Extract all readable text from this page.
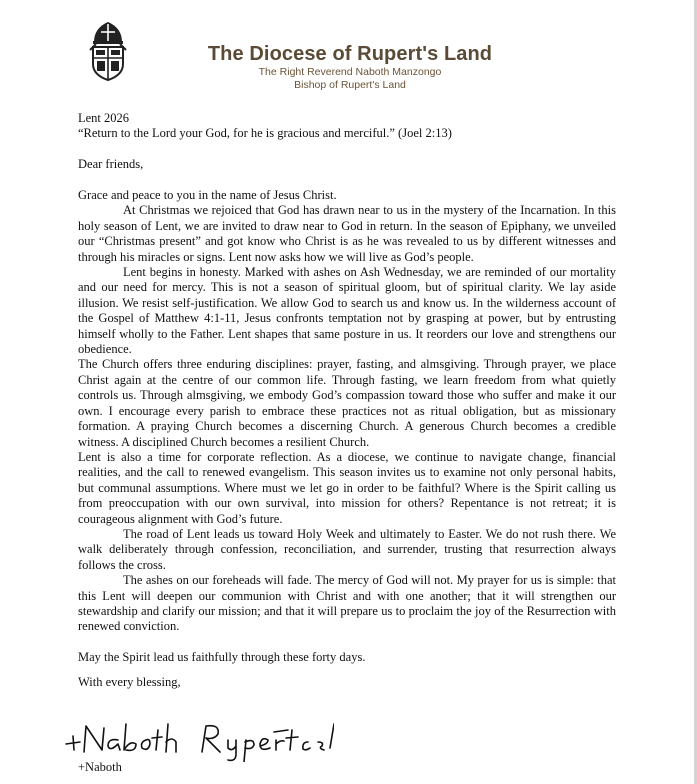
The Diocese of Rupert's Land
The Right Reverend Naboth Manzongo
Bishop of Rupert's Land

Lent 2026

“Return to the Lord your God, for he is gracious and merciful.” (Joel 2:13)

Dear friends,

Grace and peace to you in the name of Jesus Christ.

At Christmas we rejoiced that God has drawn near to us in the mystery of the Incarnation. In this holy season of Lent, we are invited to draw near to God in return. In the season of Epiphany, we unveiled our “Christmas present” and got know who Christ is as he was revealed to us by different witnesses and through his miracles or signs. Lent now asks how we will live as God’s people.

Lent begins in honesty. Marked with ashes on Ash Wednesday, we are reminded of our mortality and our need for mercy. This is not a season of spiritual gloom, but of spiritual clarity. We lay aside illusion. We resist self-justification. We allow God to search us and know us. In the wilderness account of the Gospel of Matthew 4:1-11, Jesus confronts temptation not by grasping at power, but by entrusting himself wholly to the Father. Lent shapes that same posture in us. It reorders our love and strengthens our obedience.

The Church offers three enduring disciplines: prayer, fasting, and almsgiving. Through prayer, we place Christ again at the centre of our common life. Through fasting, we learn freedom from what quietly controls us. Through almsgiving, we embody God’s compassion toward those who suffer and make it our own. I encourage every parish to embrace these practices not as ritual obligation, but as missionary formation. A praying Church becomes a discerning Church. A generous Church becomes a credible witness. A disciplined Church becomes a resilient Church.

Lent is also a time for corporate reflection. As a diocese, we continue to navigate change, financial realities, and the call to renewed evangelism. This season invites us to examine not only personal habits, but communal assumptions. Where must we let go in order to be faithful? Where is the Spirit calling us from preoccupation with our own survival, into mission for others? Repentance is not retreat; it is courageous alignment with God’s future.

The road of Lent leads us toward Holy Week and ultimately to Easter. We do not rush there. We walk deliberately through confession, reconciliation, and surrender, trusting that resurrection always follows the cross.

The ashes on our foreheads will fade. The mercy of God will not. My prayer for us is simple: that this Lent will deepen our communion with Christ and with one another; that it will strengthen our stewardship and clarify our mission; and that it will prepare us to proclaim the joy of the Resurrection with renewed conviction.

May the Spirit lead us faithfully through these forty days.

With every blessing,

+Naboth
